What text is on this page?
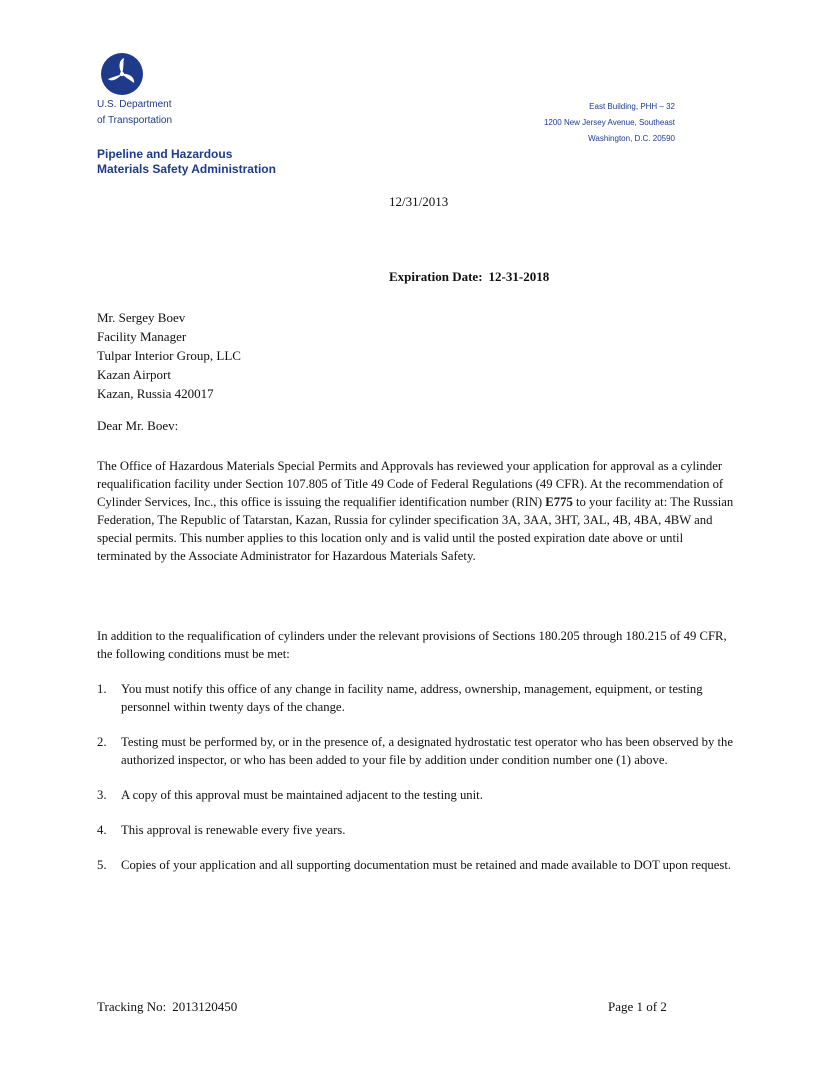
U.S. Department
of Transportation
Pipeline and Hazardous
Materials Safety Administration
East Building, PHH – 32
1200 New Jersey Avenue, Southeast
Washington, D.C. 20590
12/31/2013
Expiration Date: 12-31-2018
Mr. Sergey Boev
Facility Manager
Tulpar Interior Group, LLC
Kazan Airport
Kazan, Russia 420017
Dear Mr. Boev:

The Office of Hazardous Materials Special Permits and Approvals has reviewed your application for approval as a cylinder requalification facility under Section 107.805 of Title 49 Code of Federal Regulations (49 CFR). At the recommendation of Cylinder Services, Inc., this office is issuing the requalifier identification number (RIN) E775 to your facility at: The Russian Federation, The Republic of Tatarstan, Kazan, Russia for cylinder specification 3A, 3AA, 3HT, 3AL, 4B, 4BA, 4BW and special permits. This number applies to this location only and is valid until the posted expiration date above or until terminated by the Associate Administrator for Hazardous Materials Safety.

In addition to the requalification of cylinders under the relevant provisions of Sections 180.205 through 180.215 of 49 CFR, the following conditions must be met:

1. You must notify this office of any change in facility name, address, ownership, management, equipment, or testing personnel within twenty days of the change.
2. Testing must be performed by, or in the presence of, a designated hydrostatic test operator who has been observed by the authorized inspector, or who has been added to your file by addition under condition number one (1) above.
3. A copy of this approval must be maintained adjacent to the testing unit.
4. This approval is renewable every five years.
5. Copies of your application and all supporting documentation must be retained and made available to DOT upon request.
Tracking No: 2013120450	Page 1 of 2
